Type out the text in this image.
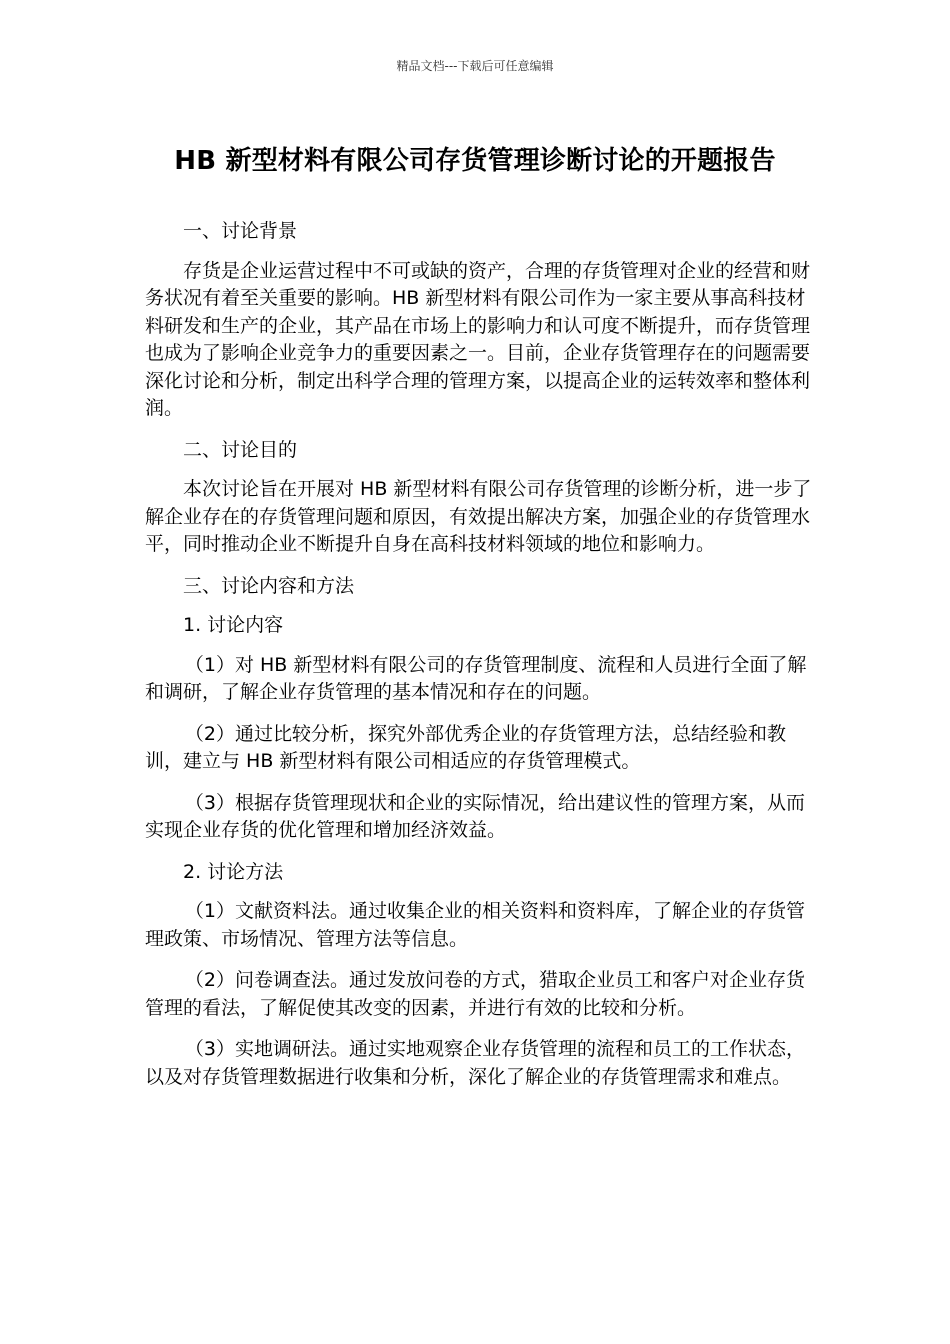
精品文档---下载后可任意编辑
HB 新型材料有限公司存货管理诊断讨论的开题报告

一、讨论背景

存货是企业运营过程中不可或缺的资产，合理的存货管理对企业的经营和财务状况有着至关重要的影响。HB 新型材料有限公司作为一家主要从事高科技材料研发和生产的企业，其产品在市场上的影响力和认可度不断提升，而存货管理也成为了影响企业竞争力的重要因素之一。目前，企业存货管理存在的问题需要深化讨论和分析，制定出科学合理的管理方案，以提高企业的运转效率和整体利润。

二、讨论目的

本次讨论旨在开展对 HB 新型材料有限公司存货管理的诊断分析，进一步了解企业存在的存货管理问题和原因，有效提出解决方案，加强企业的存货管理水平，同时推动企业不断提升自身在高科技材料领域的地位和影响力。

三、讨论内容和方法

1. 讨论内容

（1）对 HB 新型材料有限公司的存货管理制度、流程和人员进行全面了解和调研，了解企业存货管理的基本情况和存在的问题。

（2）通过比较分析，探究外部优秀企业的存货管理方法，总结经验和教训，建立与 HB 新型材料有限公司相适应的存货管理模式。

（3）根据存货管理现状和企业的实际情况，给出建议性的管理方案，从而实现企业存货的优化管理和增加经济效益。

2. 讨论方法

（1）文献资料法。通过收集企业的相关资料和资料库，了解企业的存货管理政策、市场情况、管理方法等信息。

（2）问卷调查法。通过发放问卷的方式，猎取企业员工和客户对企业存货管理的看法，了解促使其改变的因素，并进行有效的比较和分析。

（3）实地调研法。通过实地观察企业存货管理的流程和员工的工作状态，以及对存货管理数据进行收集和分析，深化了解企业的存货管理需求和难点。
